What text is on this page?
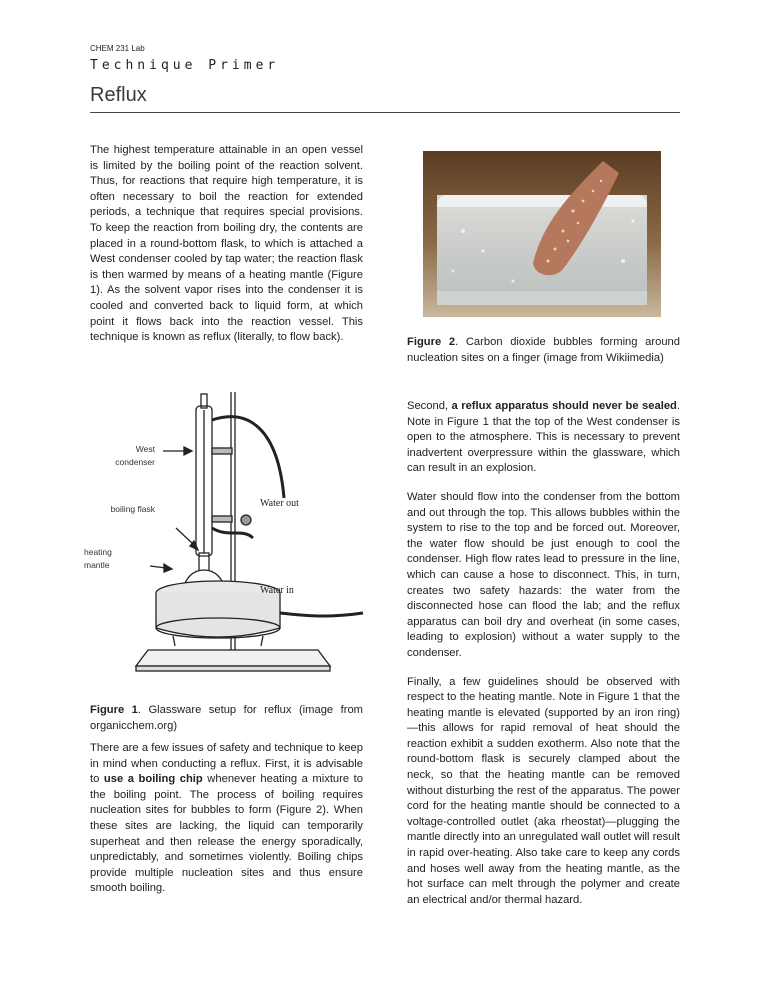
CHEM 231 Lab
Technique Primer
Reflux

The highest temperature attainable in an open vessel is limited by the boiling point of the reaction solvent. Thus, for reactions that require high temperature, it is often necessary to boil the reaction for extended periods, a technique that requires special provisions. To keep the reaction from boiling dry, the contents are placed in a round-bottom flask, to which is attached a West condenser cooled by tap water; the reaction flask is then warmed by means of a heating mantle (Figure 1). As the solvent vapor rises into the condenser it is cooled and converted back to liquid form, at which point it flows back into the reaction vessel. This technique is known as reflux (literally, to flow back).

Water out
Water in
West
condenser
boiling flask
heating
mantle
Figure 1. Glassware setup for reflux (image from organicchem.org)

There are a few issues of safety and technique to keep in mind when conducting a reflux. First, it is advisable to use a boiling chip whenever heating a mixture to the boiling point. The process of boiling requires nucleation sites for bubbles to form (Figure 2). When these sites are lacking, the liquid can temporarily superheat and then release the energy sporadically, unpredictably, and sometimes violently. Boiling chips provide multiple nucleation sites and thus ensure smooth boiling.

Figure 2. Carbon dioxide bubbles forming around nucleation sites on a finger (image from Wikiimedia)

Second, a reflux apparatus should never be sealed. Note in Figure 1 that the top of the West condenser is open to the atmosphere. This is necessary to prevent inadvertent overpressure within the glassware, which can result in an explosion.

Water should flow into the condenser from the bottom and out through the top. This allows bubbles within the system to rise to the top and be forced out. Moreover, the water flow should be just enough to cool the condenser. High flow rates lead to pressure in the line, which can cause a hose to disconnect. This, in turn, creates two safety hazards: the water from the disconnected hose can flood the lab; and the reflux apparatus can boil dry and overheat (in some cases, leading to explosion) without a water supply to the condenser.

Finally, a few guidelines should be observed with respect to the heating mantle. Note in Figure 1 that the heating mantle is elevated (supported by an iron ring)—this allows for rapid removal of heat should the reaction exhibit a sudden exotherm. Also note that the round-bottom flask is securely clamped about the neck, so that the heating mantle can be removed without disturbing the rest of the apparatus. The power cord for the heating mantle should be connected to a voltage-controlled outlet (aka rheostat)—plugging the mantle directly into an unregulated wall outlet will result in rapid over-heating. Also take care to keep any cords and hoses well away from the heating mantle, as the hot surface can melt through the polymer and create an electrical and/or thermal hazard.
